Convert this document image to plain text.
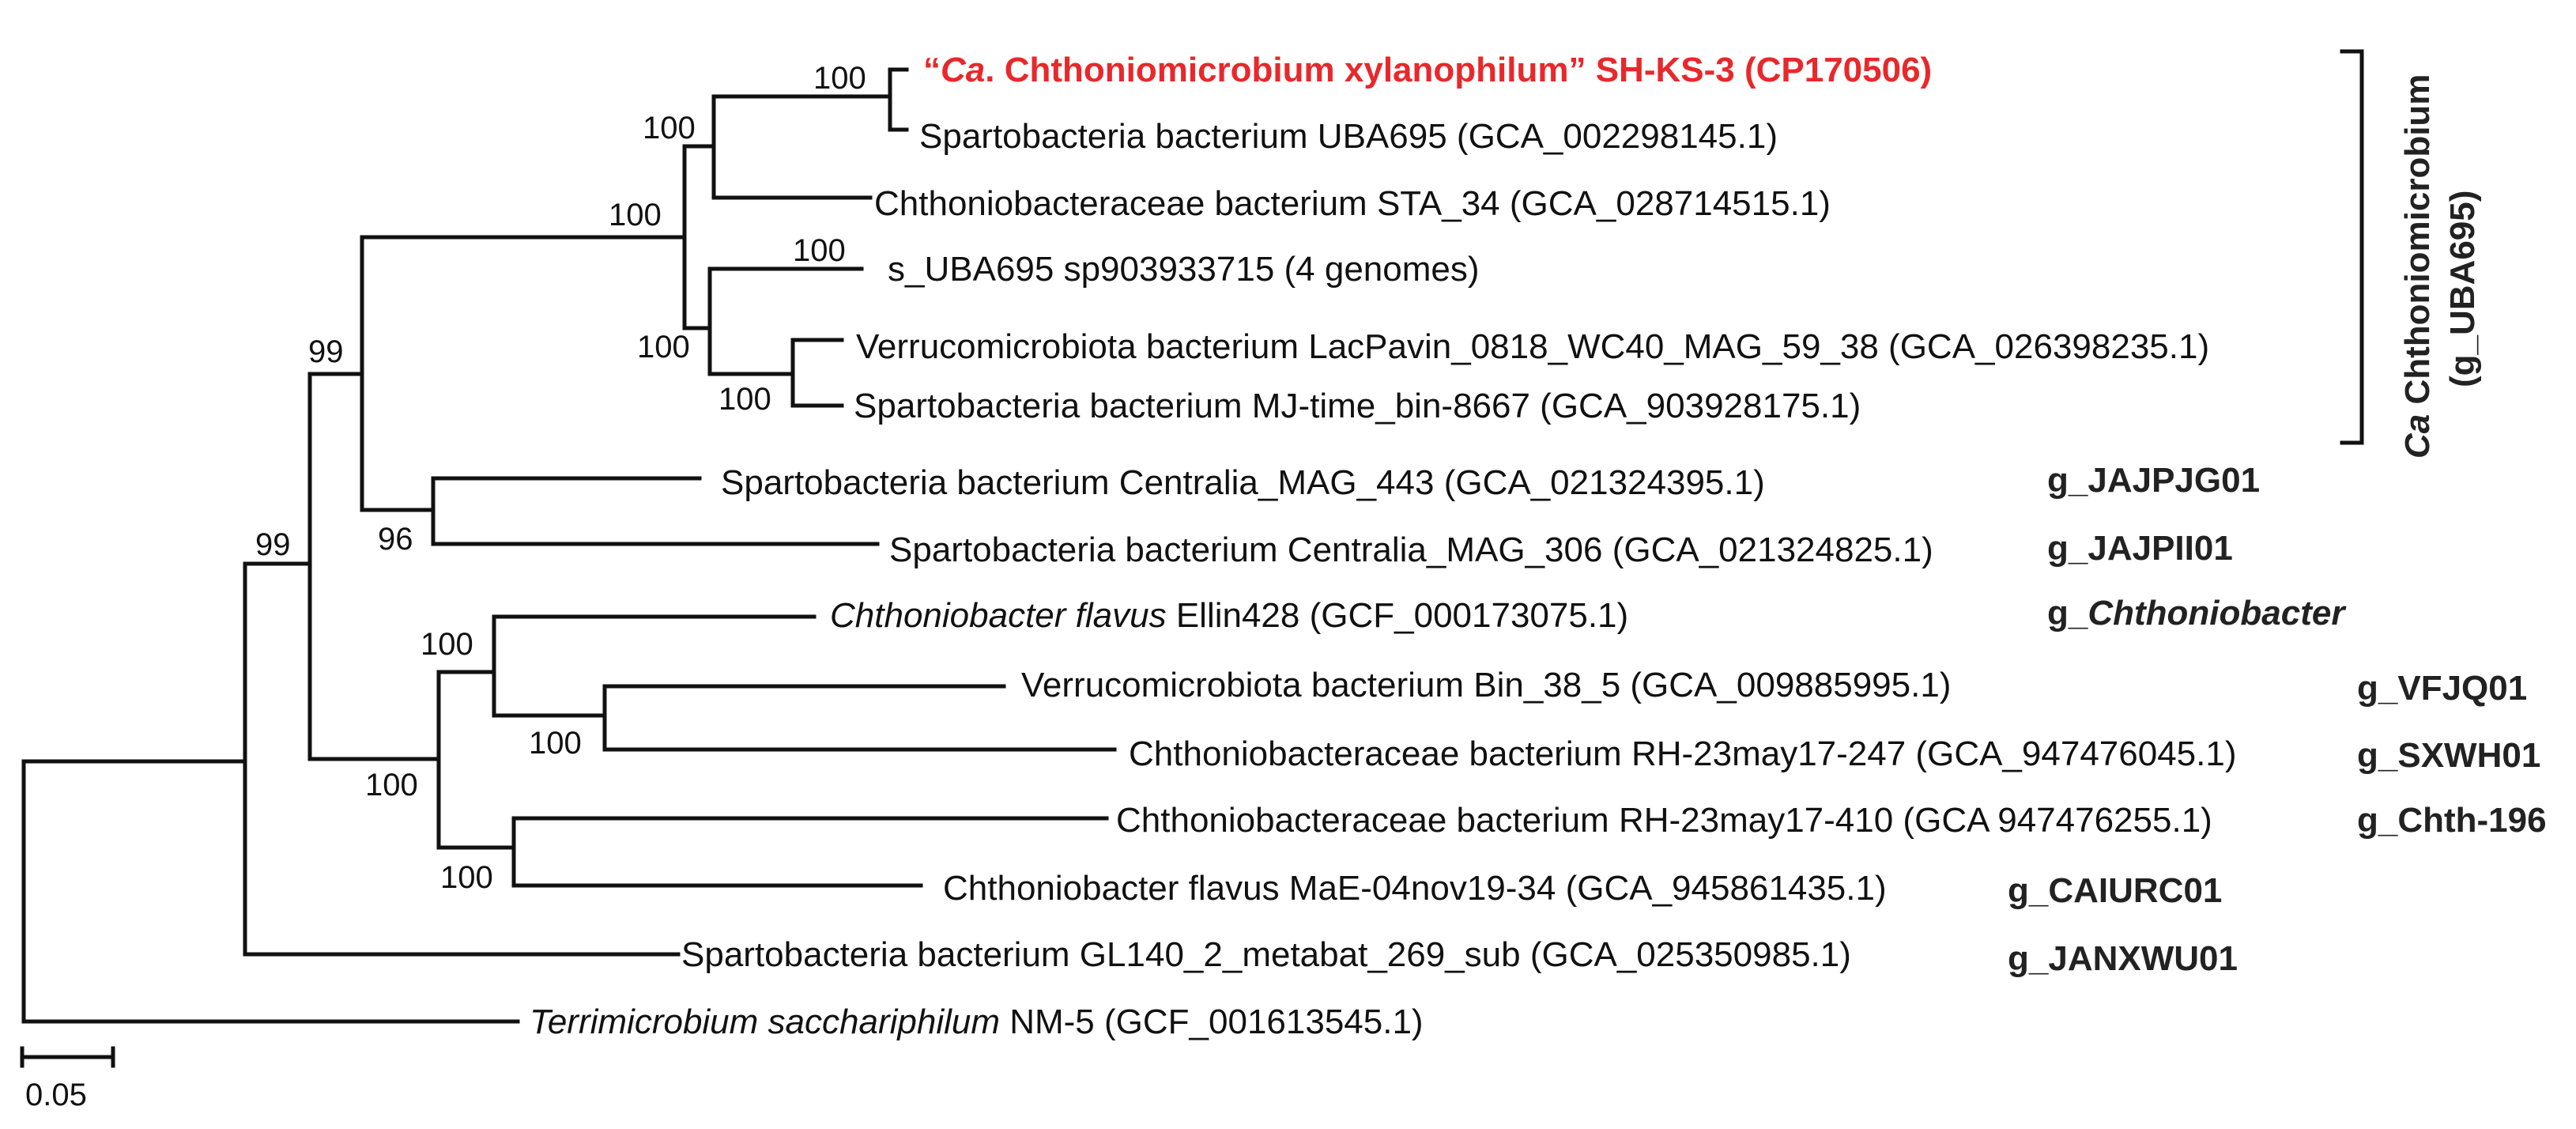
“Ca. Chthoniomicrobium xylanophilum” SH-KS-3 (CP170506)
Spartobacteria bacterium UBA695 (GCA_002298145.1)
Chthoniobacteraceae bacterium STA_34 (GCA_028714515.1)
s_UBA695 sp903933715 (4 genomes)
Verrucomicrobiota bacterium LacPavin_0818_WC40_MAG_59_38 (GCA_026398235.1)
Spartobacteria bacterium MJ-time_bin-8667 (GCA_903928175.1)
Spartobacteria bacterium Centralia_MAG_443 (GCA_021324395.1)
Spartobacteria bacterium Centralia_MAG_306 (GCA_021324825.1)
Chthoniobacter flavus Ellin428 (GCF_000173075.1)
Verrucomicrobiota bacterium Bin_38_5 (GCA_009885995.1)
Chthoniobacteraceae bacterium RH-23may17-247 (GCA_947476045.1)
Chthoniobacteraceae bacterium RH-23may17-410 (GCA 947476255.1)
Chthoniobacter flavus MaE-04nov19-34 (GCA_945861435.1)
Spartobacteria bacterium GL140_2_metabat_269_sub (GCA_025350985.1)
Terrimicrobium sacchariphilum NM-5 (GCF_001613545.1)
100
100
100
100
100
100
99
96
99
100
100
100
100
Ca Chthoniomicrobium (g_UBA695)
g_JAJPJG01
g_JAJPII01
g_Chthoniobacter
g_VFJQ01
g_SXWH01
g_Chth-196
g_CAIURC01
g_JANXWU01
0.05
